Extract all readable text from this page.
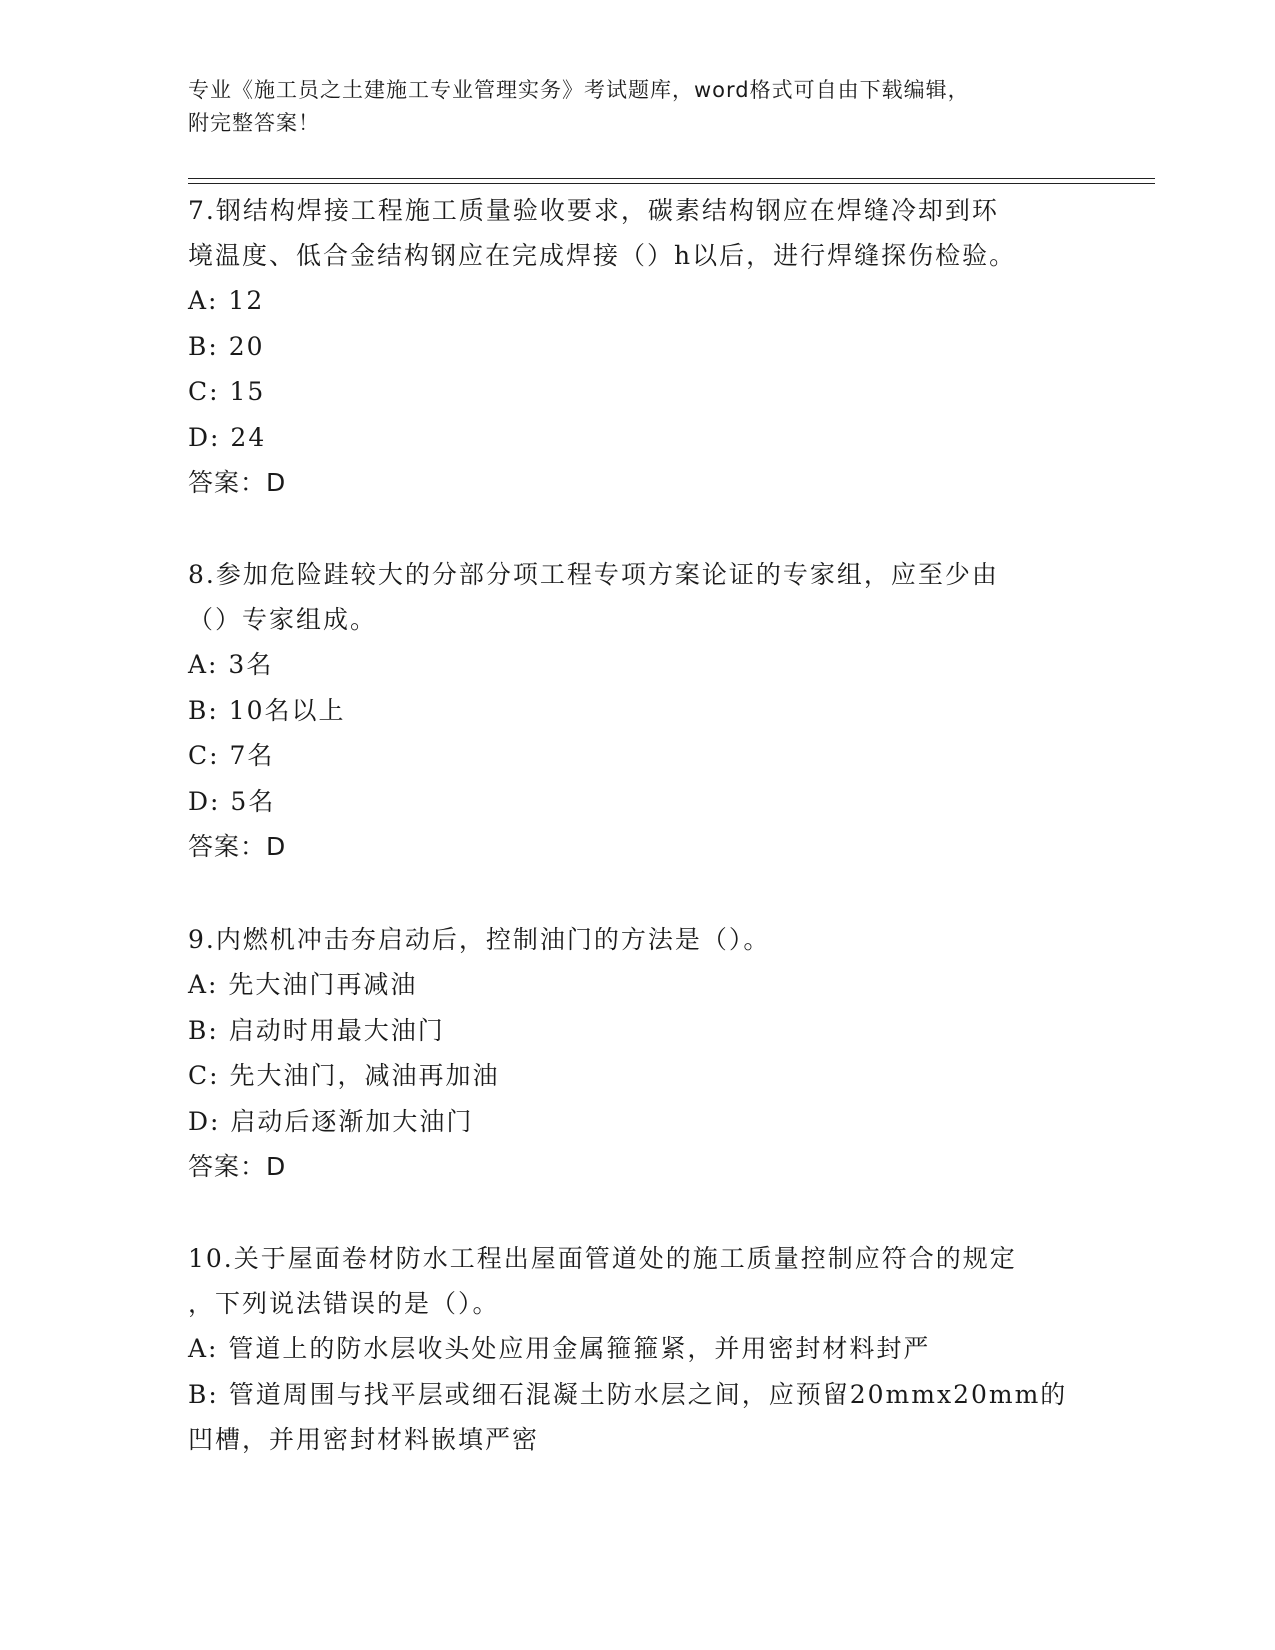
专业《施工员之土建施工专业管理实务》考试题库，word格式可自由下载编辑，
附完整答案！
7.钢结构焊接工程施工质量验收要求，碳素结构钢应在焊缝冷却到环
境温度、低合金结构钢应在完成焊接（）h以后，进行焊缝探伤检验。
A: 12
B: 20
C: 15
D: 24
答案：D
8.参加危险跬较大的分部分项工程专项方案论证的专家组，应至少由
（）专家组成。
A: 3名
B: 10名以上
C: 7名
D: 5名
答案：D
9.内燃机冲击夯启动后，控制油门的方法是（）。
A: 先大油门再减油
B: 启动时用最大油门
C: 先大油门，减油再加油
D: 启动后逐渐加大油门
答案：D
10.关于屋面卷材防水工程出屋面管道处的施工质量控制应符合的规定
，下列说法错误的是（）。
A: 管道上的防水层收头处应用金属箍箍紧，并用密封材料封严
B: 管道周围与找平层或细石混凝土防水层之间，应预留20mmx20mm的
凹槽，并用密封材料嵌填严密
